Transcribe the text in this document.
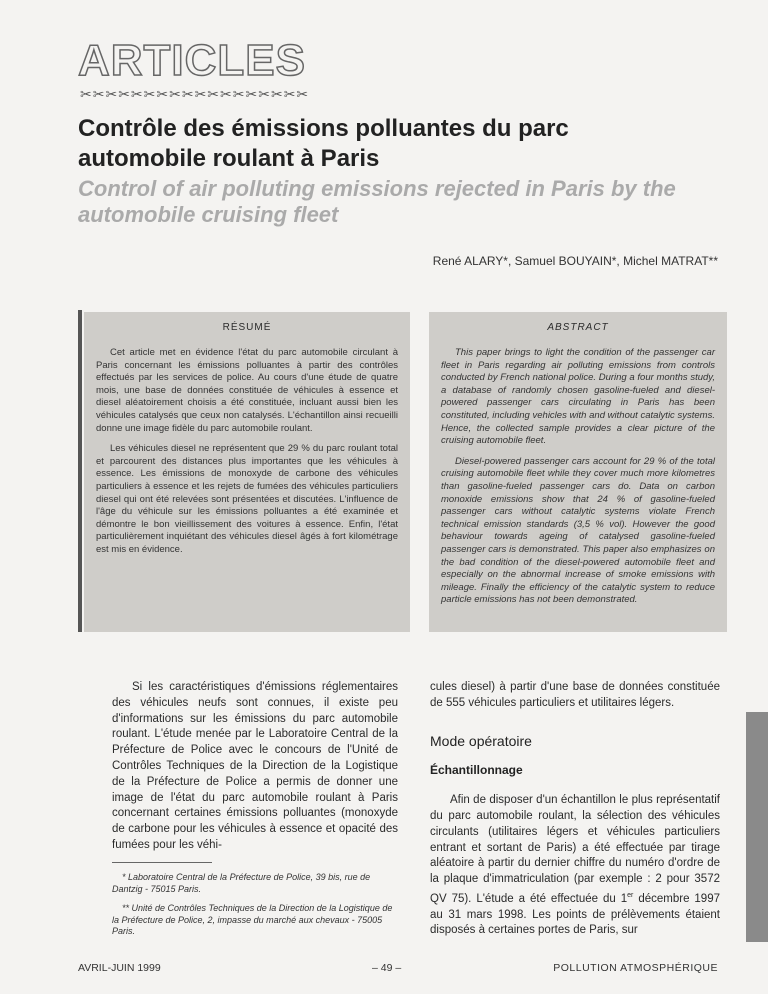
ARTICLES
✂✂✂✂✂✂✂✂✂✂✂✂✂✂✂✂✂✂
Contrôle des émissions polluantes du parc automobile roulant à Paris
Control of air polluting emissions rejected in Paris by the automobile cruising fleet
René ALARY*, Samuel BOUYAIN*, Michel MATRAT**
RÉSUMÉ

Cet article met en évidence l'état du parc automobile circulant à Paris concernant les émissions polluantes à partir des contrôles effectués par les services de police. Au cours d'une étude de quatre mois, une base de données constituée de véhicules à essence et diesel aléatoirement choisis a été constituée, incluant aussi bien les véhicules catalysés que ceux non catalysés. L'échantillon ainsi recueilli donne une image fidèle du parc automobile roulant.

Les véhicules diesel ne représentent que 29 % du parc roulant total et parcourent des distances plus importantes que les véhicules à essence. Les émissions de monoxyde de carbone des véhicules particuliers à essence et les rejets de fumées des véhicules particuliers diesel qui ont été relevées sont présentées et discutées. L'influence de l'âge du véhicule sur les émissions polluantes a été examinée et démontre le bon vieillissement des voitures à essence. Enfin, l'état particulièrement inquiétant des véhicules diesel âgés à fort kilométrage est mis en évidence.

ABSTRACT

This paper brings to light the condition of the passenger car fleet in Paris regarding air polluting emissions from controls conducted by French national police. During a four months study, a database of randomly chosen gasoline-fueled and diesel-powered passenger cars circulating in Paris has been constituted, including vehicles with and without catalytic systems. Hence, the collected sample provides a clear picture of the cruising automobile fleet.

Diesel-powered passenger cars account for 29 % of the total cruising automobile fleet while they cover much more kilometres than gasoline-fueled passenger cars do. Data on carbon monoxide emissions show that 24 % of gasoline-fueled passenger cars without catalytic systems violate French technical emission standards (3,5 % vol). However the good behaviour towards ageing of catalysed gasoline-fueled passenger cars is demonstrated. This paper also emphasizes on the bad condition of the diesel-powered automobile fleet and especially on the abnormal increase of smoke emissions with mileage. Finally the efficiency of the catalytic system to reduce particle emissions has not been demonstrated.

Si les caractéristiques d'émissions réglementaires des véhicules neufs sont connues, il existe peu d'informations sur les émissions du parc automobile roulant. L'étude menée par le Laboratoire Central de la Préfecture de Police avec le concours de l'Unité de Contrôles Techniques de la Direction de la Logistique de la Préfecture de Police a permis de donner une image de l'état du parc automobile roulant à Paris concernant certaines émissions polluantes (monoxyde de carbone pour les véhicules à essence et opacité des fumées pour les véhi-

cules diesel) à partir d'une base de données constituée de 555 véhicules particuliers et utilitaires légers.

Mode opératoire
Échantillonnage

Afin de disposer d'un échantillon le plus représentatif du parc automobile roulant, la sélection des véhicules circulants (utilitaires légers et véhicules particuliers entrant et sortant de Paris) a été effectuée par tirage aléatoire à partir du dernier chiffre du numéro d'ordre de la plaque d'immatriculation (par exemple : 2 pour 3572 QV 75). L'étude a été effectuée du 1er décembre 1997 au 31 mars 1998. Les points de prélèvements étaient disposés à certaines portes de Paris, sur

* Laboratoire Central de la Préfecture de Police, 39 bis, rue de Dantzig - 75015 Paris.

** Unité de Contrôles Techniques de la Direction de la Logistique de la Préfecture de Police, 2, impasse du marché aux chevaux - 75005 Paris.

AVRIL-JUIN 1999	– 49 –	POLLUTION ATMOSPHÉRIQUE
